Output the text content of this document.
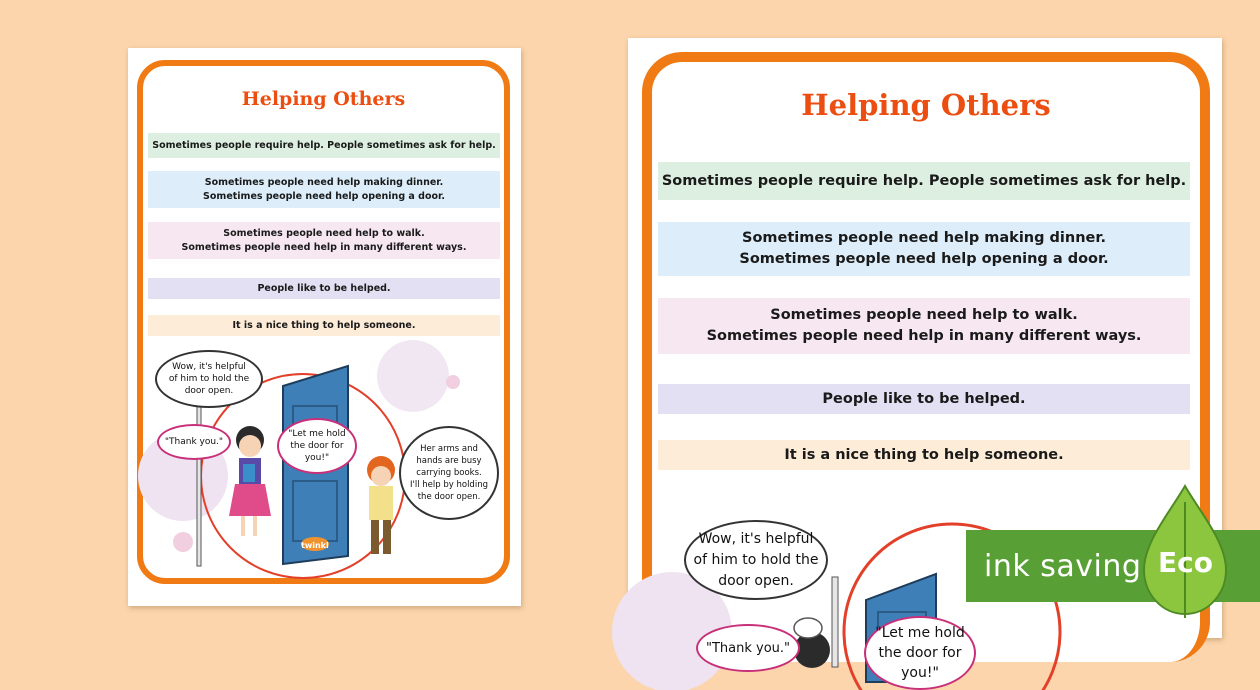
Helping Others
Sometimes people require help. People sometimes ask for help.
Sometimes people need help making dinner.
Sometimes people need help opening a door.
Sometimes people need help to walk.
Sometimes people need help in many different ways.
People like to be helped.
It is a nice thing to help someone.
Wow, it's helpful
of him to hold the
door open.
"Thank you."
"Let me hold
the door for
you!"
Her arms and
hands are busy
carrying books.
I'll help by holding
the door open.
twinkl
Helping Others
Sometimes people require help. People sometimes ask for help.
Sometimes people need help making dinner.
Sometimes people need help opening a door.
Sometimes people need help to walk.
Sometimes people need help in many different ways.
People like to be helped.
It is a nice thing to help someone.
Wow, it's helpful
of him to hold the
door open.
"Thank you."
"Let me hold
the door for
you!"
ink saving Eco
